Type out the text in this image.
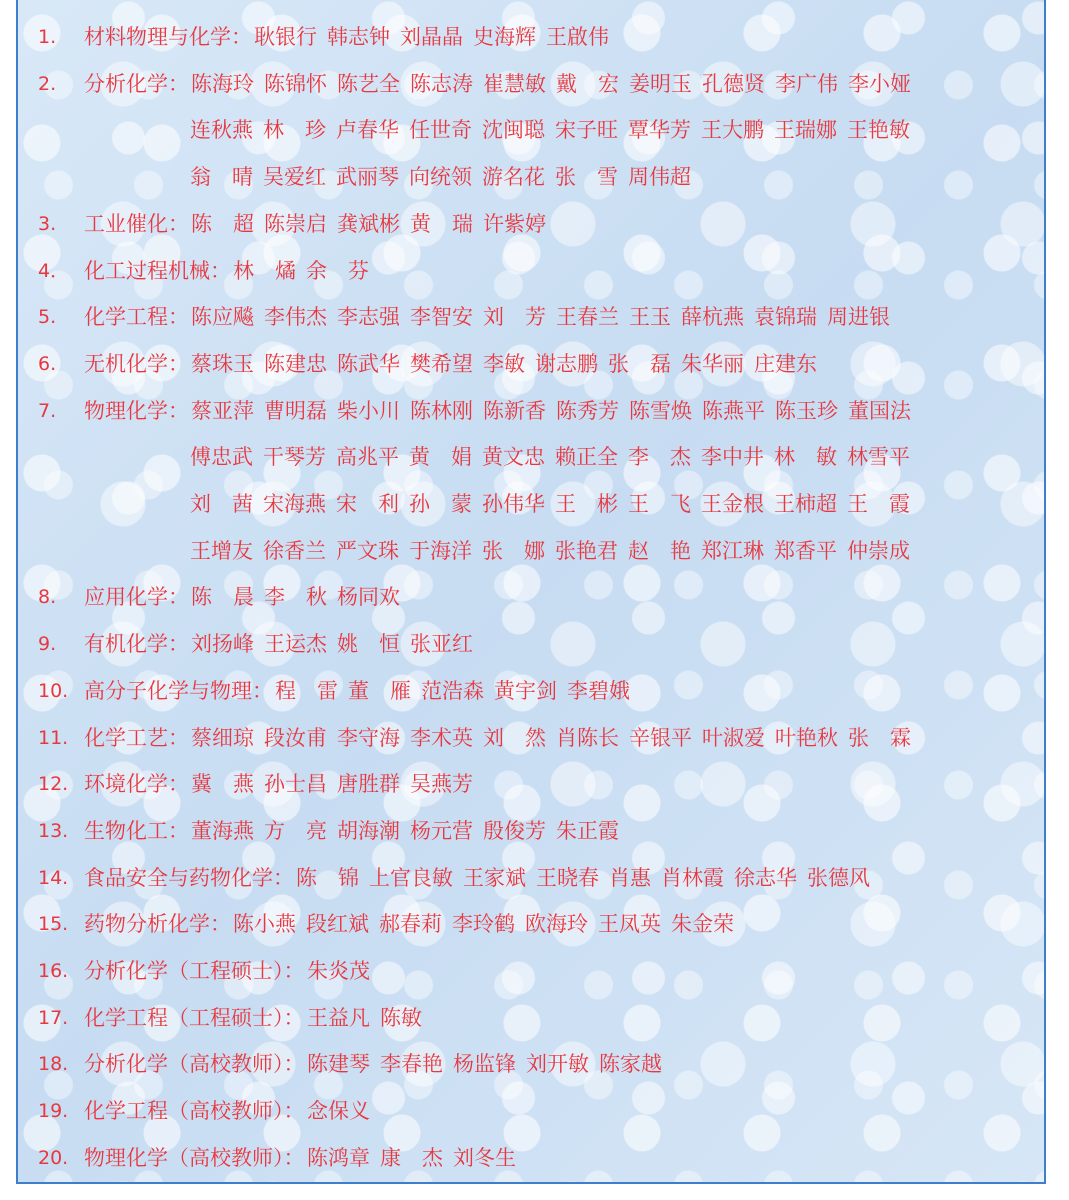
1. 材料物理与化学： 耿银行 韩志钟 刘晶晶 史海辉 王啟伟
2. 分析化学： 陈海玲 陈锦怀 陈艺全 陈志涛 崔慧敏 戴　宏 姜明玉 孔德贤 李广伟 李小娅
连秋燕 林　珍 卢春华 任世奇 沈闽聪 宋子旺 覃华芳 王大鹏 王瑞娜 王艳敏
翁　晴 吴爱红 武丽琴 向统领 游名花 张　雪 周伟超
3. 工业催化： 陈　超 陈崇启 龚斌彬 黄　瑞 许紫婷
4． 化工过程机械： 林　燏 余　芬
5. 化学工程： 陈应飚 李伟杰 李志强 李智安 刘　芳 王春兰 王玉 薛杭燕 袁锦瑞 周进银
6. 无机化学： 蔡珠玉 陈建忠 陈武华 樊希望 李敏 谢志鹏 张　磊 朱华丽 庄建东
7. 物理化学： 蔡亚萍 曹明磊 柴小川 陈林刚 陈新香 陈秀芳 陈雪焕 陈燕平 陈玉珍 董国法
傅忠武 干琴芳 高兆平 黄　娟 黄文忠 赖正全 李　杰 李中井 林　敏 林雪平
刘　茜 宋海燕 宋　利 孙　蒙 孙伟华 王　彬 王　飞 王金根 王柿超 王　霞
王增友 徐香兰 严文珠 于海洋 张　娜 张艳君 赵　艳 郑江琳 郑香平 仲崇成
8. 应用化学： 陈　晨 李　秋 杨同欢
9. 有机化学： 刘扬峰 王运杰 姚　恒 张亚红
10. 高分子化学与物理： 程　雷 董　雁 范浩森 黄宇剑 李碧娥
11. 化学工艺： 蔡细琼 段汝甫 李守海 李术英 刘　然 肖陈长 辛银平 叶淑爱 叶艳秋 张　霖
12. 环境化学： 冀　燕 孙士昌 唐胜群 吴燕芳
13. 生物化工： 董海燕 方　亮 胡海潮 杨元营 殷俊芳 朱正霞
14. 食品安全与药物化学： 陈　锦 上官良敏 王家斌 王晓春 肖惠 肖林霞 徐志华 张德风
15. 药物分析化学： 陈小燕 段红斌 郝春莉 李玲鹤 欧海玲 王凤英 朱金荣
16. 分析化学（工程硕士）： 朱炎茂
17. 化学工程（工程硕士）： 王益凡 陈敏
18. 分析化学（高校教师）： 陈建琴 李春艳 杨监锋 刘开敏 陈家越
19. 化学工程（高校教师）： 念保义
20. 物理化学（高校教师）： 陈鸿章 康　杰 刘冬生
